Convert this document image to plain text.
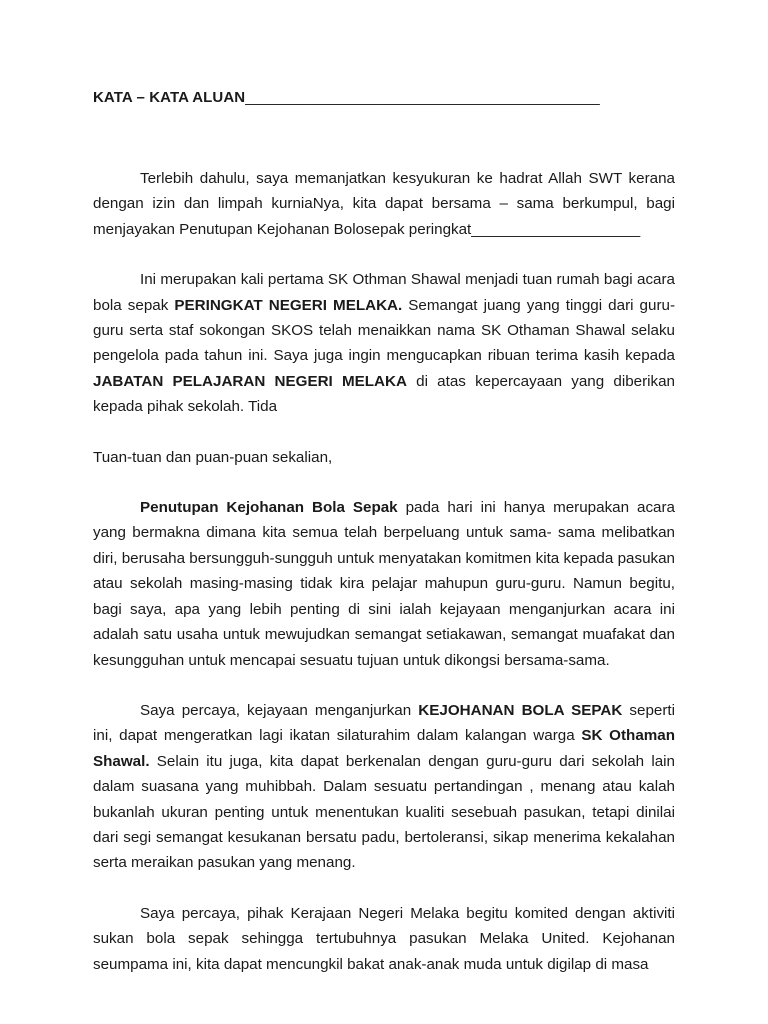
KATA – KATA ALUAN__________________________________________

Terlebih dahulu, saya memanjatkan kesyukuran ke hadrat Allah SWT kerana dengan izin dan limpah kurniaNya, kita dapat bersama – sama berkumpul, bagi menjayakan Penutupan Kejohanan Bolosepak peringkat____________________

Ini merupakan kali pertama SK Othman Shawal menjadi tuan rumah bagi acara bola sepak PERINGKAT NEGERI MELAKA. Semangat juang yang tinggi dari guru-guru serta staf sokongan SKOS telah menaikkan nama SK Othaman Shawal selaku pengelola pada tahun ini. Saya juga ingin mengucapkan ribuan terima kasih kepada JABATAN PELAJARAN NEGERI MELAKA di atas kepercayaan yang diberikan kepada pihak sekolah. Tida

Tuan-tuan dan puan-puan sekalian,

Penutupan Kejohanan Bola Sepak pada hari ini hanya merupakan acara yang bermakna dimana kita semua telah berpeluang untuk sama- sama melibatkan diri, berusaha bersungguh-sungguh untuk menyatakan komitmen kita kepada pasukan atau sekolah masing-masing tidak kira pelajar mahupun guru-guru. Namun begitu, bagi saya, apa yang lebih penting di sini ialah kejayaan menganjurkan acara ini adalah satu usaha untuk mewujudkan semangat setiakawan, semangat muafakat dan kesungguhan untuk mencapai sesuatu tujuan untuk dikongsi bersama-sama.

Saya percaya, kejayaan menganjurkan KEJOHANAN BOLA SEPAK seperti ini, dapat mengeratkan lagi ikatan silaturahim dalam kalangan warga SK Othaman Shawal. Selain itu juga, kita dapat berkenalan dengan guru-guru dari sekolah lain dalam suasana yang muhibbah. Dalam sesuatu pertandingan , menang atau kalah bukanlah ukuran penting untuk menentukan kualiti sesebuah pasukan, tetapi dinilai dari segi semangat kesukanan bersatu padu, bertoleransi, sikap menerima kekalahan serta meraikan pasukan yang menang.

Saya percaya, pihak Kerajaan Negeri Melaka begitu komited dengan aktiviti sukan bola sepak sehingga tertubuhnya pasukan Melaka United. Kejohanan seumpama ini, kita dapat mencungkil bakat anak-anak muda untuk digilap di masa
